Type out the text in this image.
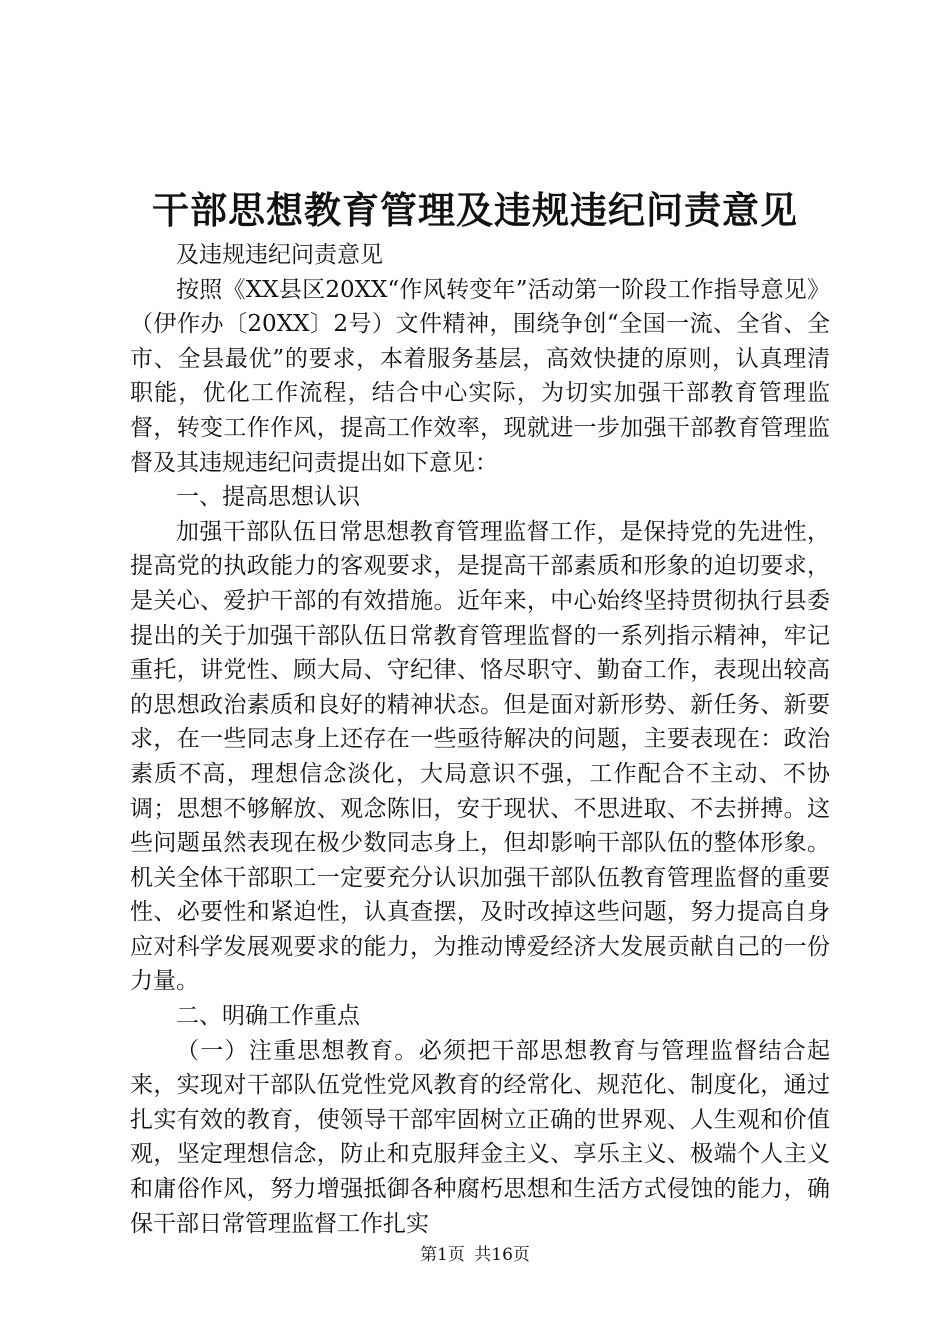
干部思想教育管理及违规违纪问责意见

及违规违纪问责意见

按照《XX县区20XX“作风转变年”活动第一阶段工作指导意见》（伊作办〔20XX〕2号）文件精神，围绕争创“全国一流、全省、全市、全县最优”的要求，本着服务基层，高效快捷的原则，认真理清职能，优化工作流程，结合中心实际，为切实加强干部教育管理监督，转变工作作风，提高工作效率，现就进一步加强干部教育管理监督及其违规违纪问责提出如下意见：

一、提高思想认识

加强干部队伍日常思想教育管理监督工作，是保持党的先进性，提高党的执政能力的客观要求，是提高干部素质和形象的迫切要求，是关心、爱护干部的有效措施。近年来，中心始终坚持贯彻执行县委提出的关于加强干部队伍日常教育管理监督的一系列指示精神，牢记重托，讲党性、顾大局、守纪律、恪尽职守、勤奋工作，表现出较高的思想政治素质和良好的精神状态。但是面对新形势、新任务、新要求，在一些同志身上还存在一些亟待解决的问题，主要表现在：政治素质不高，理想信念淡化，大局意识不强，工作配合不主动、不协调；思想不够解放、观念陈旧，安于现状、不思进取、不去拼搏。这些问题虽然表现在极少数同志身上，但却影响干部队伍的整体形象。机关全体干部职工一定要充分认识加强干部队伍教育管理监督的重要性、必要性和紧迫性，认真查摆，及时改掉这些问题，努力提高自身应对科学发展观要求的能力，为推动博爱经济大发展贡献自己的一份力量。

二、明确工作重点

（一）注重思想教育。必须把干部思想教育与管理监督结合起来，实现对干部队伍党性党风教育的经常化、规范化、制度化，通过扎实有效的教育，使领导干部牢固树立正确的世界观、人生观和价值观，坚定理想信念，防止和克服拜金主义、享乐主义、极端个人主义和庸俗作风，努力增强抵御各种腐朽思想和生活方式侵蚀的能力，确保干部日常管理监督工作扎实

第1页 共16页
